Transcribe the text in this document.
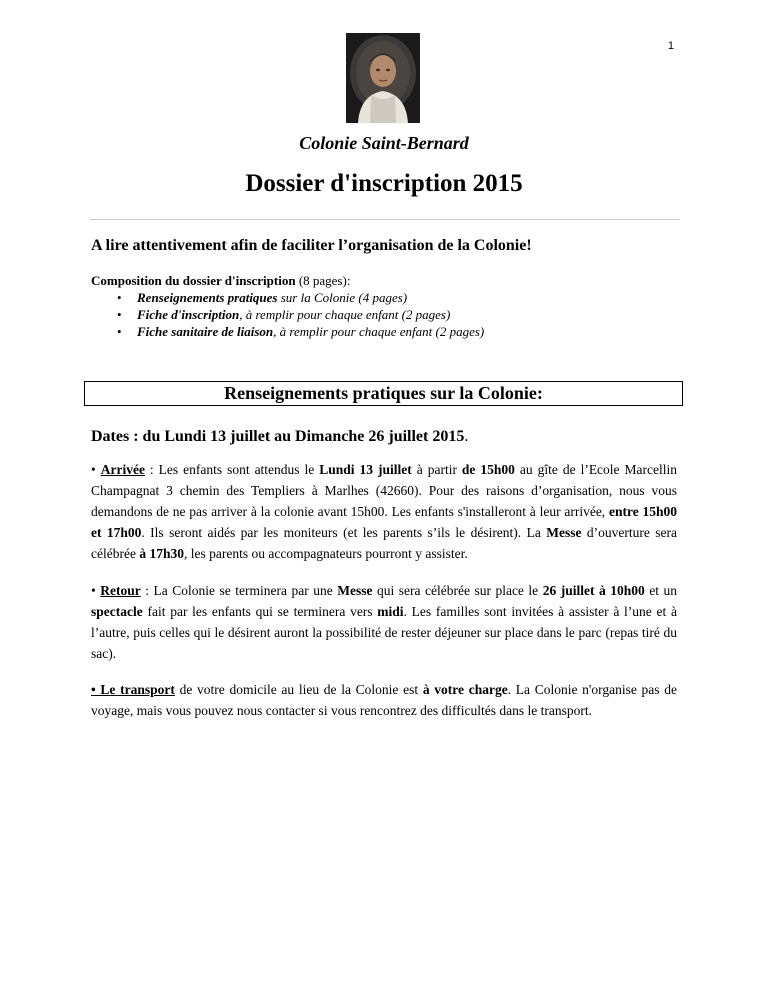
1
Colonie Saint-Bernard
Dossier d'inscription 2015
A lire attentivement afin de faciliter l’organisation de la Colonie!
Composition du dossier d'inscription (8 pages):
• Renseignements pratiques sur la Colonie (4 pages)
• Fiche d'inscription, à remplir pour chaque enfant (2 pages)
• Fiche sanitaire de liaison, à remplir pour chaque enfant (2 pages)
Renseignements pratiques sur la Colonie:
Dates : du Lundi 13 juillet au Dimanche 26 juillet 2015.
• Arrivée : Les enfants sont attendus le Lundi 13 juillet à partir de 15h00 au gîte de l’Ecole Marcellin Champagnat 3 chemin des Templiers à Marlhes (42660). Pour des raisons d’organisation, nous vous demandons de ne pas arriver à la colonie avant 15h00. Les enfants s'installeront à leur arrivée, entre 15h00 et 17h00. Ils seront aidés par les moniteurs (et les parents s’ils le désirent). La Messe d’ouverture sera célébrée à 17h30, les parents ou accompagnateurs pourront y assister.
• Retour : La Colonie se terminera par une Messe qui sera célébrée sur place le 26 juillet à 10h00 et un spectacle fait par les enfants qui se terminera vers midi. Les familles sont invitées à assister à l’une et à l’autre, puis celles qui le désirent auront la possibilité de rester déjeuner sur place dans le parc (repas tiré du sac).
• Le transport de votre domicile au lieu de la Colonie est à votre charge. La Colonie n'organise pas de voyage, mais vous pouvez nous contacter si vous rencontrez des difficultés dans le transport.
